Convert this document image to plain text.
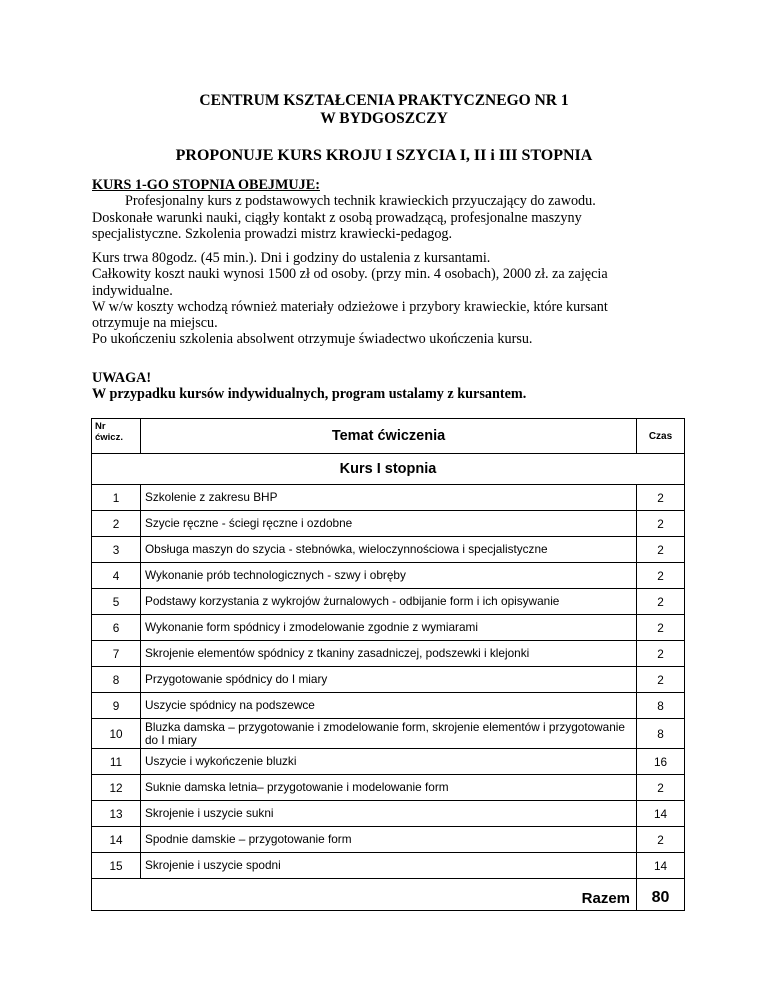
CENTRUM KSZTAŁCENIA PRAKTYCZNEGO NR 1
W BYDGOSZCZY
PROPONUJE KURS KROJU I SZYCIA I, II i III STOPNIA
KURS 1-GO STOPNIA OBEJMUJE:
Profesjonalny kurs z podstawowych technik krawieckich przyuczający do zawodu.
Doskonałe warunki nauki, ciągły kontakt z osobą prowadzącą, profesjonalne maszyny
specjalistyczne. Szkolenia prowadzi mistrz krawiecki-pedagog.
Kurs trwa 80godz. (45 min.). Dni i godziny do ustalenia z kursantami.
Całkowity koszt nauki wynosi 1500 zł od osoby. (przy min. 4 osobach), 2000 zł. za zajęcia
indywidualne.
W w/w koszty wchodzą również materiały odzieżowe i przybory krawieckie, które kursant
otrzymuje na miejscu.
Po ukończeniu szkolenia absolwent otrzymuje świadectwo ukończenia kursu.
UWAGA!
W przypadku kursów indywidualnych, program ustalamy z kursantem.
Nr
ćwicz.	Temat ćwiczenia	Czas
Kurs I stopnia		
1	Szkolenie z zakresu BHP	2
2	Szycie ręczne - ściegi ręczne i ozdobne	2
3	Obsługa maszyn do szycia - stebnówka, wieloczynnościowa i specjalistyczne	2
4	Wykonanie prób technologicznych - szwy i obręby	2
5	Podstawy korzystania z wykrojów żurnalowych - odbijanie form i ich opisywanie	2
6	Wykonanie form spódnicy i zmodelowanie zgodnie z wymiarami	2
7	Skrojenie elementów spódnicy z tkaniny zasadniczej, podszewki i klejonki	2
8	Przygotowanie spódnicy do I miary	2
9	Uszycie spódnicy na podszewce	8
10	Bluzka damska – przygotowanie i zmodelowanie form, skrojenie elementów i przygotowanie do I miary	8
11	Uszycie i wykończenie bluzki	16
12	Suknie damska letnia– przygotowanie i modelowanie form	2
13	Skrojenie i uszycie sukni	14
14	Spodnie damskie – przygotowanie form	2
15	Skrojenie i uszycie spodni	14
Razem		80
